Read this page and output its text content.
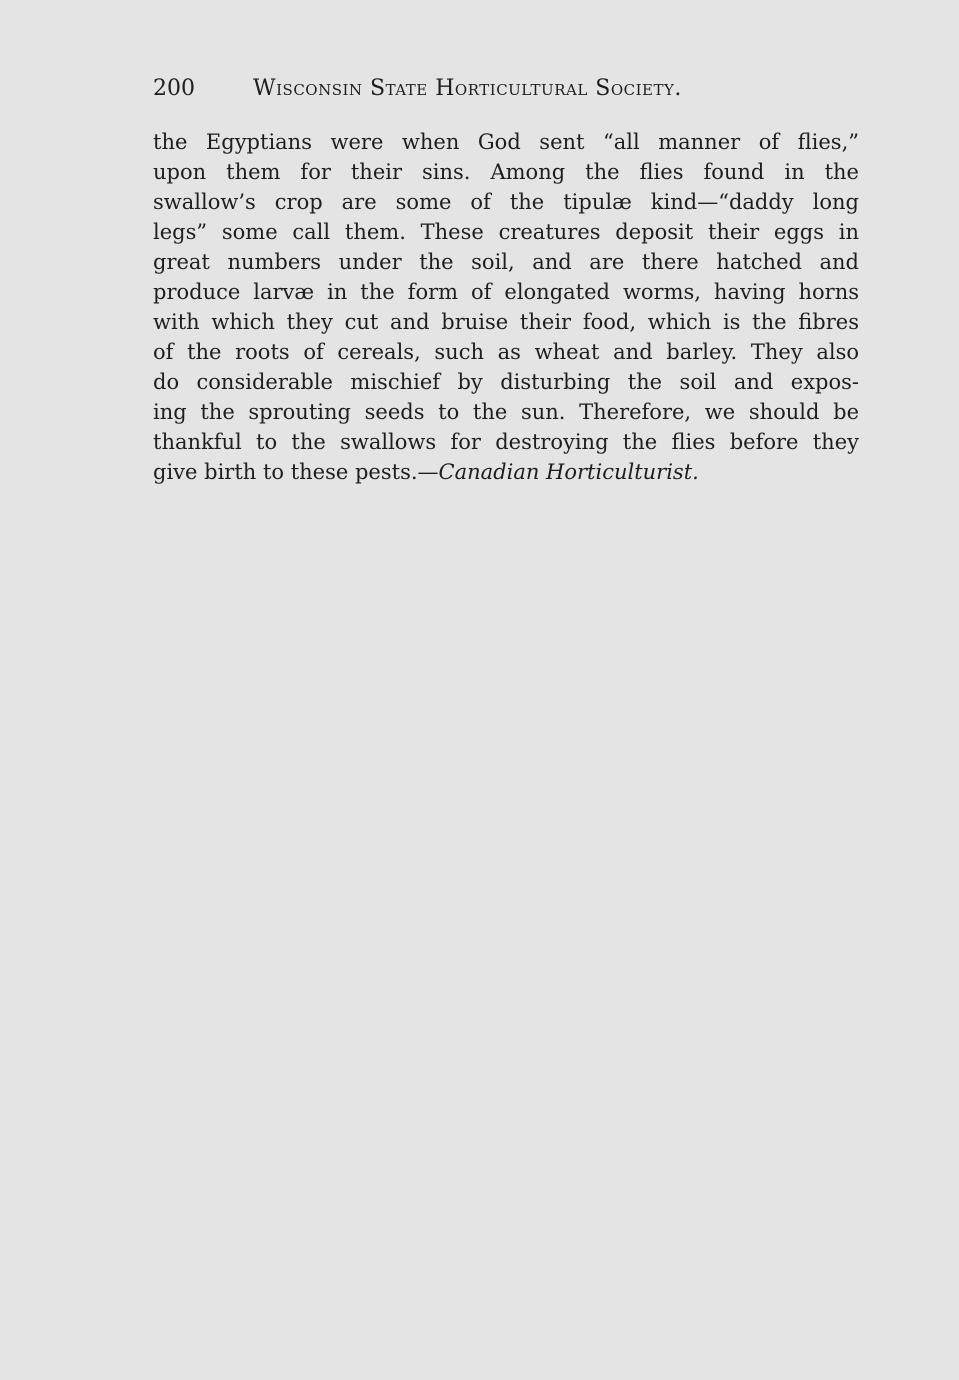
200	Wisconsin State Horticultural Society.
the Egyptians were when God sent “all manner of flies,”
upon them for their sins. Among the flies found in the
swallow’s crop are some of the tipulæ kind—“daddy long
legs” some call them. These creatures deposit their eggs in
great numbers under the soil, and are there hatched and
produce larvæ in the form of elongated worms, having horns
with which they cut and bruise their food, which is the fibres
of the roots of cereals, such as wheat and barley. They also
do considerable mischief by disturbing the soil and expos-
ing the sprouting seeds to the sun. Therefore, we should be
thankful to the swallows for destroying the flies before they
give birth to these pests.—Canadian Horticulturist.
